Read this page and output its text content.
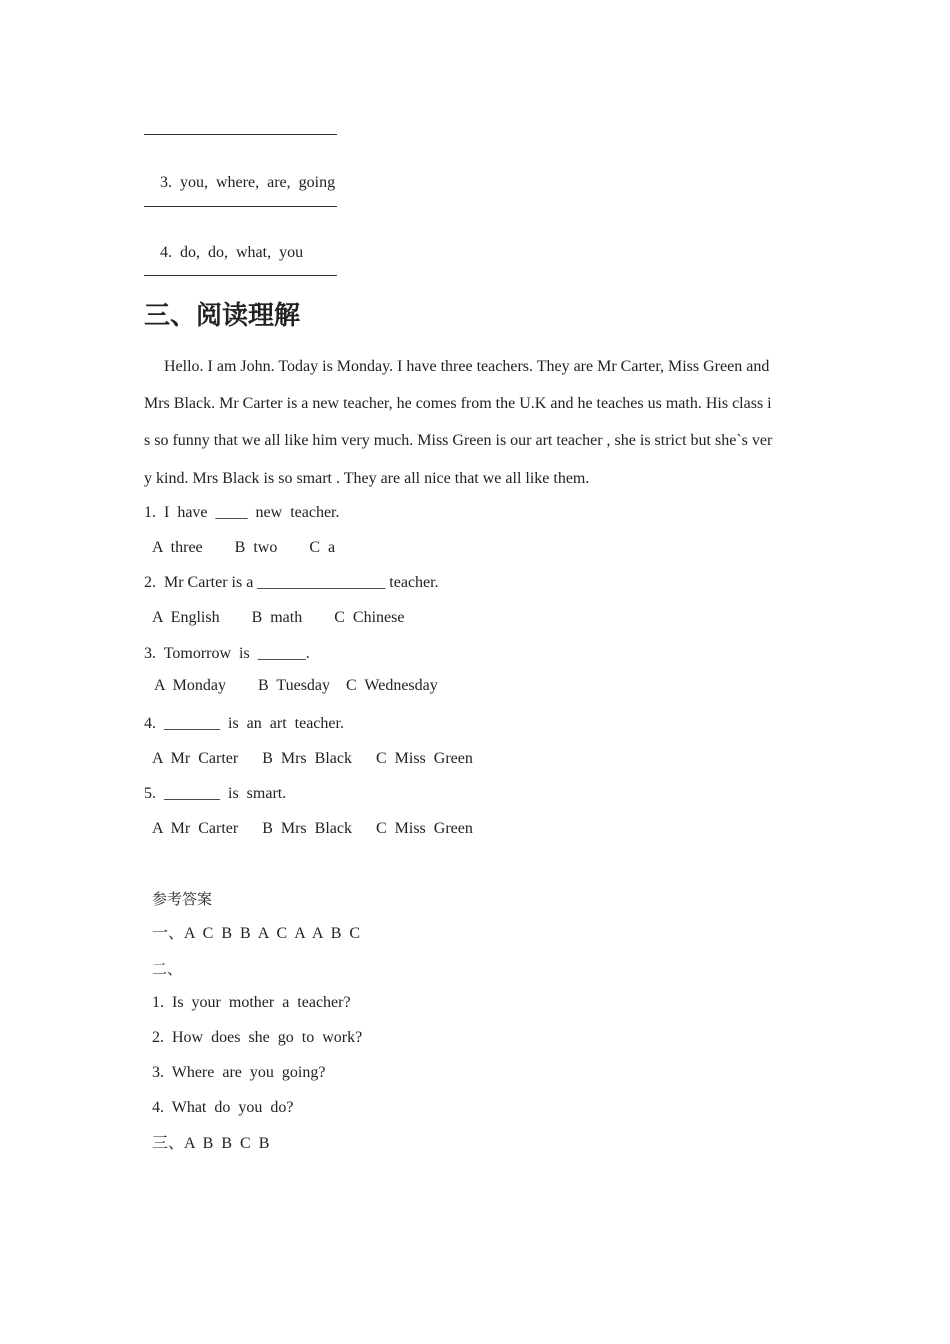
3. you,  where,  are,  going

4. do,  do,  what,  you

三、阅读理解
Hello. I am John. Today is Monday. I have three teachers. They are Mr Carter, Miss Green and
Mrs Black. Mr Carter is a new teacher, he comes from the U.K and he teaches us math. His class i
s so funny that we all like him very much. Miss Green is our art teacher , she is strict but she`s ver
y kind. Mrs Black is so smart . They are all nice that we all like them.
1.  I  have  ____  new  teacher.
A  three        B  two        C  a
2.  Mr Carter is a ________________ teacher.
A  English        B  math        C  Chinese
3.  Tomorrow  is  ______.
A  Monday        B  Tuesday    C  Wednesday
4.  _______  is  an  art  teacher.
A  Mr  Carter      B  Mrs  Black      C  Miss  Green
5.  _______  is  smart.
A  Mr  Carter      B  Mrs  Black      C  Miss  Green
参考答案
一、A  C  B  B  A  C  A  A  B  C
二、
1.  Is  your  mother  a  teacher?
2.  How  does  she  go  to  work?
3.  Where  are  you  going?
4.  What  do  you  do?
三、A  B  B  C  B
